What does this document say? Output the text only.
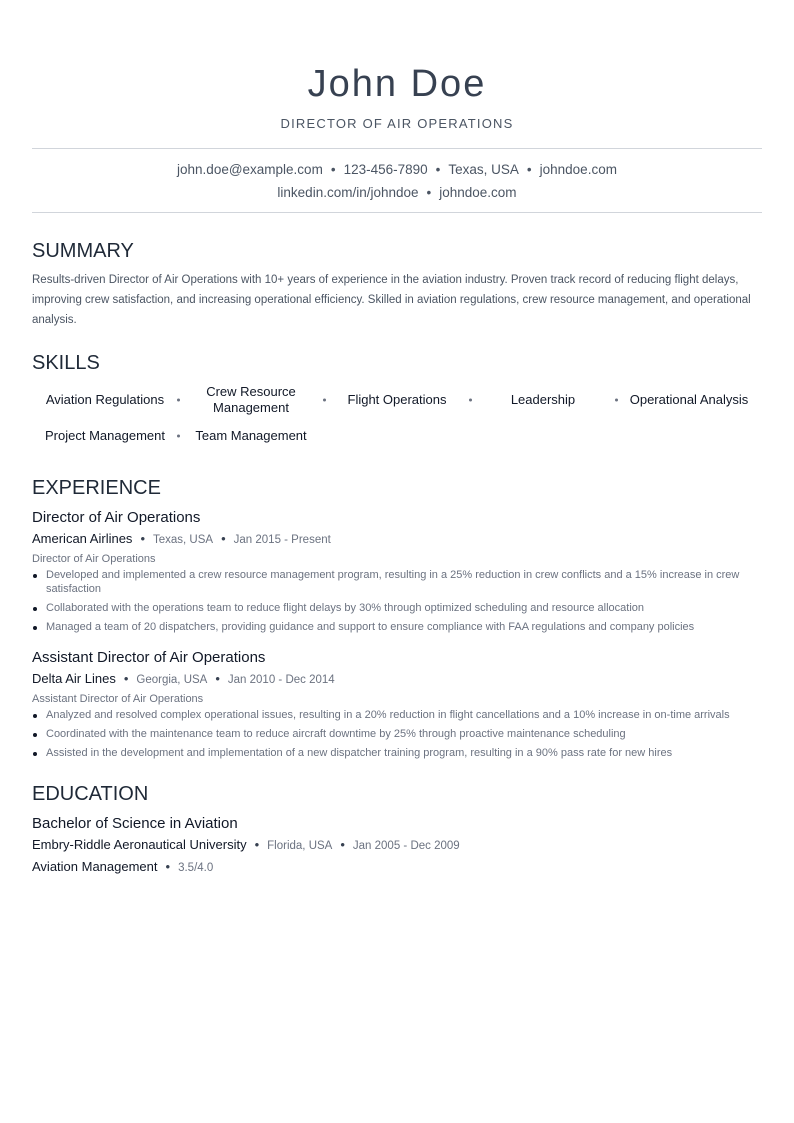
John Doe
DIRECTOR OF AIR OPERATIONS
john.doe@example.com • 123-456-7890 • Texas, USA • johndoe.com
linkedin.com/in/johndoe • johndoe.com
SUMMARY
Results-driven Director of Air Operations with 10+ years of experience in the aviation industry. Proven track record of reducing flight delays, improving crew satisfaction, and increasing operational efficiency. Skilled in aviation regulations, crew resource management, and operational analysis.
SKILLS
Aviation Regulations
Crew Resource Management
Flight Operations	Leadership	Operational Analysis
Project Management Team Management
EXPERIENCE
Director of Air Operations
American Airlines • Texas, USA • Jan 2015 - Present
Director of Air Operations
Developed and implemented a crew resource management program, resulting in a 25% reduction in crew conflicts and a 15% increase in crew satisfaction
Collaborated with the operations team to reduce flight delays by 30% through optimized scheduling and resource allocation
Managed a team of 20 dispatchers, providing guidance and support to ensure compliance with FAA regulations and company policies
Assistant Director of Air Operations
Delta Air Lines • Georgia, USA • Jan 2010 - Dec 2014
Assistant Director of Air Operations
Analyzed and resolved complex operational issues, resulting in a 20% reduction in flight cancellations and a 10% increase in on-time arrivals
Coordinated with the maintenance team to reduce aircraft downtime by 25% through proactive maintenance scheduling
Assisted in the development and implementation of a new dispatcher training program, resulting in a 90% pass rate for new hires
EDUCATION
Bachelor of Science in Aviation
Embry-Riddle Aeronautical University • Florida, USA • Jan 2005 - Dec 2009
Aviation Management • 3.5/4.0
